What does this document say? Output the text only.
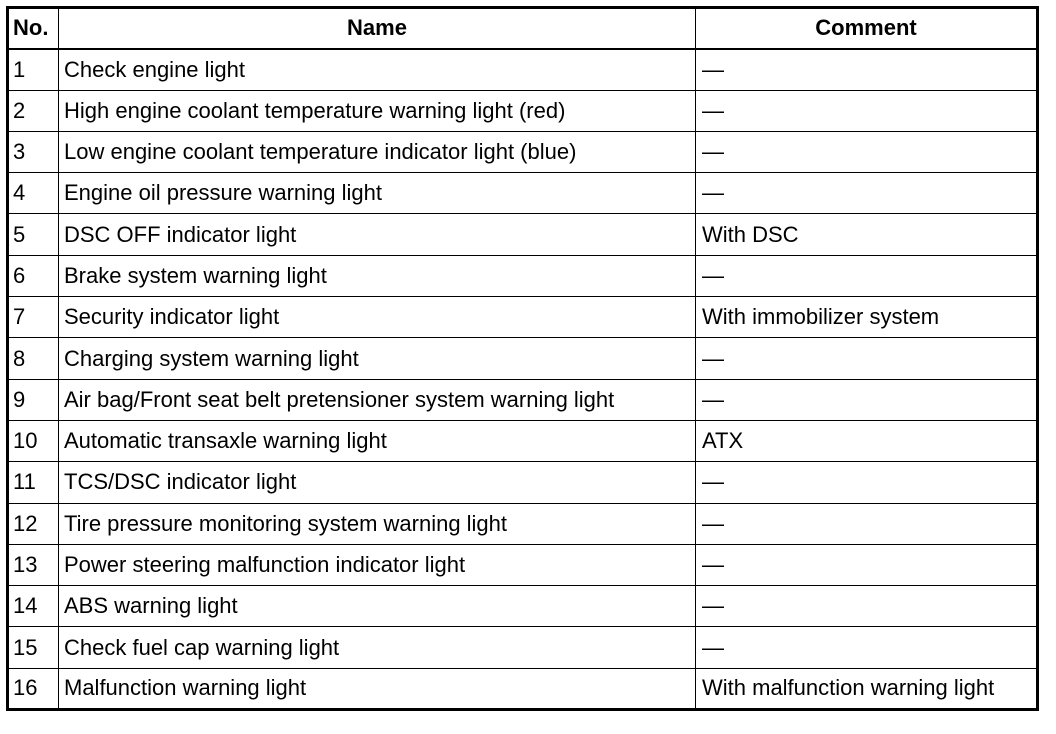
No.	Name	Comment
1	Check engine light	—
2	High engine coolant temperature warning light (red)	—
3	Low engine coolant temperature indicator light (blue)	—
4	Engine oil pressure warning light	—
5	DSC OFF indicator light	With DSC
6	Brake system warning light	—
7	Security indicator light	With immobilizer system
8	Charging system warning light	—
9	Air bag/Front seat belt pretensioner system warning light	—
10	Automatic transaxle warning light	ATX
11	TCS/DSC indicator light	—
12	Tire pressure monitoring system warning light	—
13	Power steering malfunction indicator light	—
14	ABS warning light	—
15	Check fuel cap warning light	—
16	Malfunction warning light	With malfunction warning light
